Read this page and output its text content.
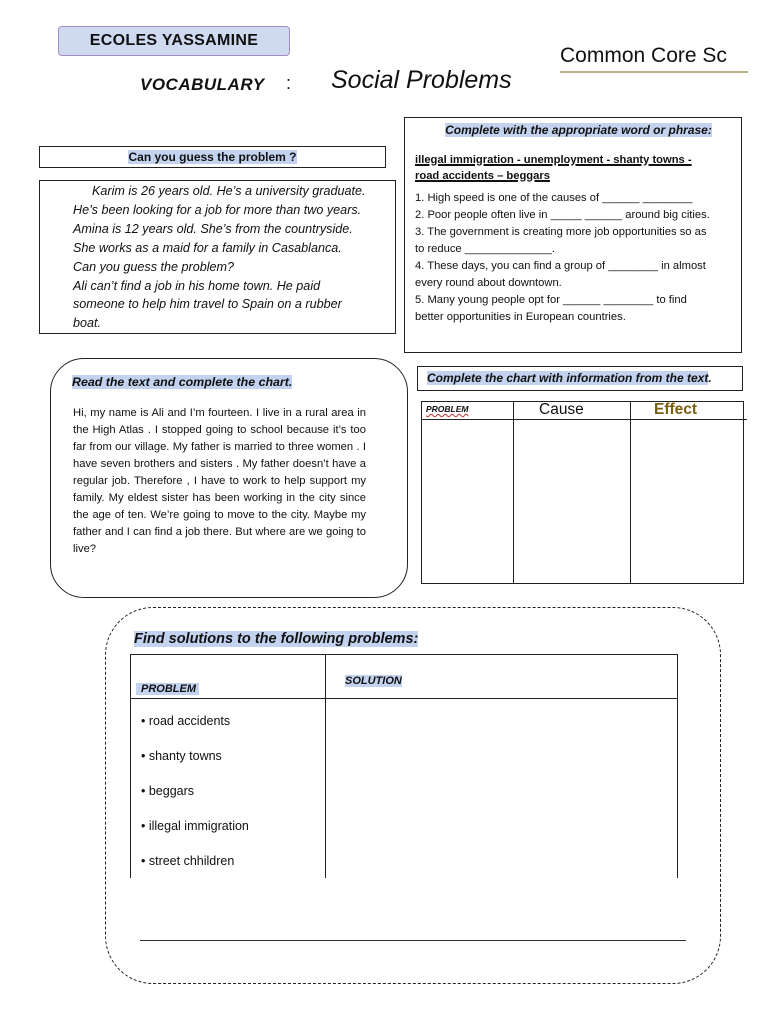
ECOLES YASSAMINE
Common Core Sc
VOCABULARY : Social Problems
Can you guess the problem ?

Karim is 26 years old. He’s a university graduate.

He’s been looking for a job for more than two years.

Amina is 12 years old. She’s from the countryside.

She works as a maid for a family in Casablanca.

Can you guess the problem?

Ali can’t find a job in his home town. He paid

someone to help him travel to Spain on a rubber

boat.

Complete with the appropriate word or phrase:
illegal immigration - unemployment - shanty towns -
road accidents – beggars
1. High speed is one of the causes of ______ ________
2. Poor people often live in _____ ______ around big cities.
3. The government is creating more job opportunities so as
to reduce ______________.
4. These days, you can find a group of ________ in almost
every round about downtown.
5. Many young people opt for ______ ________ to find
better opportunities in European countries.
Read the text and complete the chart.
Hi, my name is Ali and I’m fourteen. I live in a rural area in the High Atlas . I stopped going to school because it’s too far from our village. My father is married to three women . I have seven brothers and sisters . My father doesn’t have a regular job. Therefore , I have to work to help support my family. My eldest sister has been working in the city since the age of ten. We’re going to move to the city. Maybe my father and I can find a job there. But where are we going to live?
Complete the chart with information from the text.
PROBLEM	Cause	Effect
Find solutions to the following problems:
PROBLEM
SOLUTION
• road accidents
• shanty towns
• beggars
• illegal immigration
• street chhildren
